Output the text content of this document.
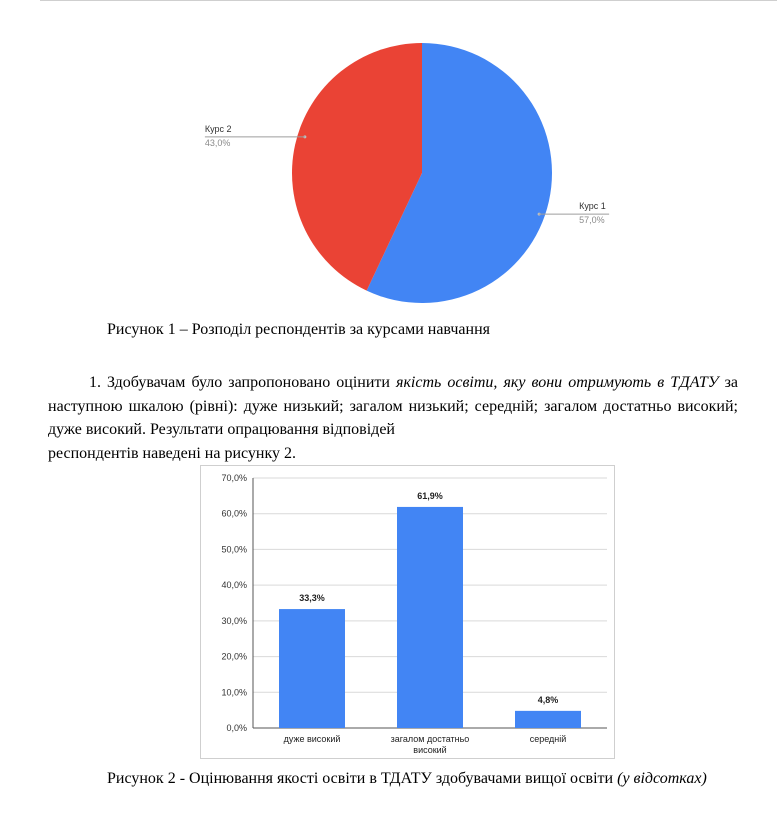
Курс 1
57,0%
Курс 2
43,0%
Рисунок 1 – Розподіл респондентів за курсами навчання
1. Здобувачам було запропоновано оцінити якість освіти, яку вони отримують в ТДАТУ за наступною шкалою (рівні): дуже низький; загалом низький; середній; загалом достатньо високий; дуже високий. Результати опрацювання відповідей
респондентів наведені на рисунку 2.
0,0%
10,0%
20,0%
30,0%
40,0%
50,0%
60,0%
70,0%
33,3%
дуже високий
61,9%
загалом достатньо
високий
4,8%
середній
Рисунок 2 - Оцінювання якості освіти в ТДАТУ здобувачами вищої освіти (у відсотках)
